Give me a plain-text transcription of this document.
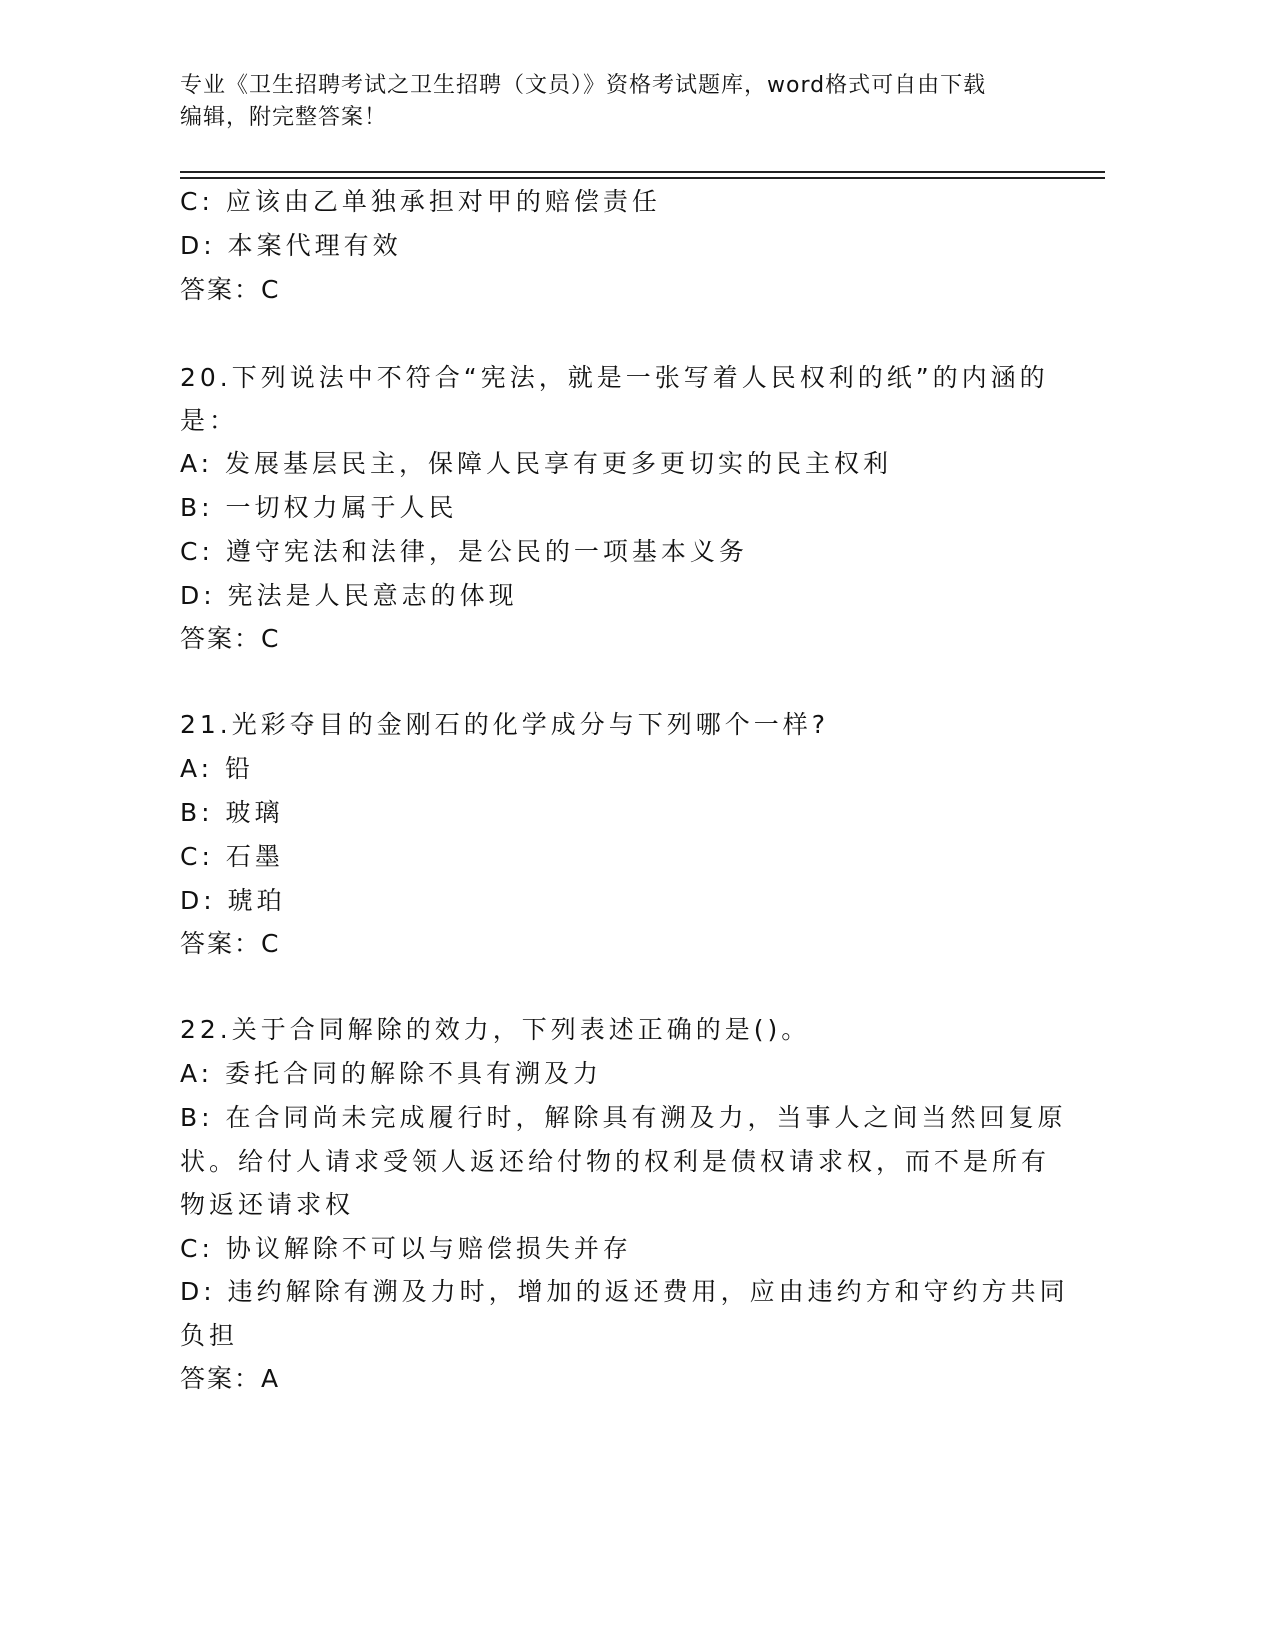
专业《卫生招聘考试之卫生招聘（文员）》资格考试题库，word格式可自由下载
编辑，附完整答案！
C: 应该由乙单独承担对甲的赔偿责任
D: 本案代理有效
答案：C
20.下列说法中不符合“宪法，就是一张写着人民权利的纸”的内涵的
是：
A: 发展基层民主，保障人民享有更多更切实的民主权利
B: 一切权力属于人民
C: 遵守宪法和法律，是公民的一项基本义务
D: 宪法是人民意志的体现
答案：C
21.光彩夺目的金刚石的化学成分与下列哪个一样?
A: 铅
B: 玻璃
C: 石墨
D: 琥珀
答案：C
22.关于合同解除的效力，下列表述正确的是()。
A: 委托合同的解除不具有溯及力
B: 在合同尚未完成履行时，解除具有溯及力，当事人之间当然回复原
状。给付人请求受领人返还给付物的权利是债权请求权，而不是所有
物返还请求权
C: 协议解除不可以与赔偿损失并存
D: 违约解除有溯及力时，增加的返还费用，应由违约方和守约方共同
负担
答案：A
